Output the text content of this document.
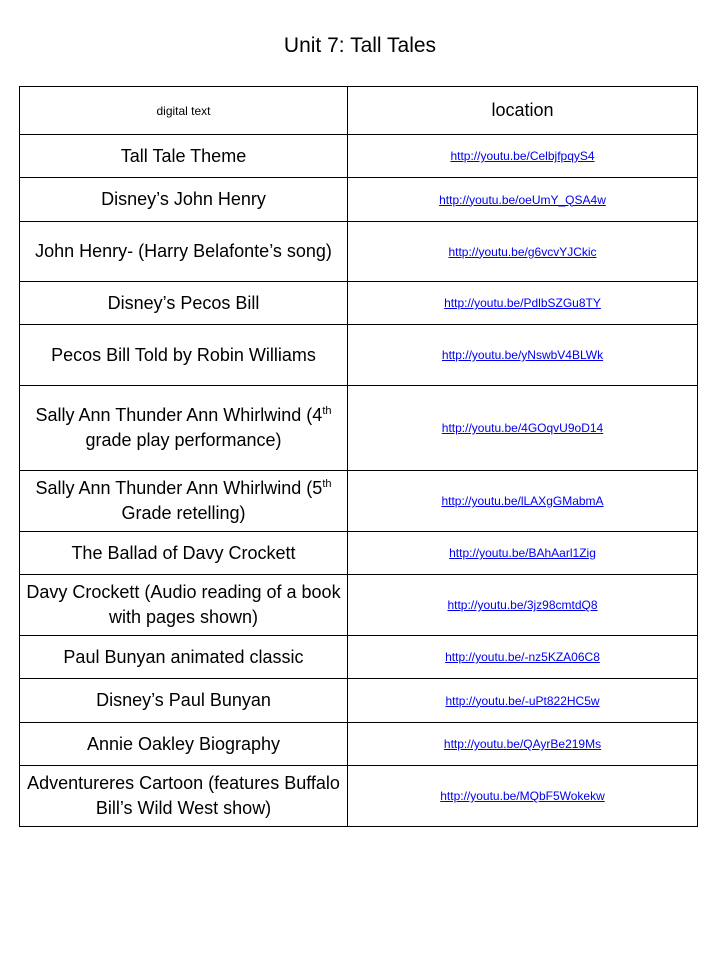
Unit 7: Tall Tales
digital text	location
Tall Tale Theme	http://youtu.be/CelbjfpqyS4
Disney’s John Henry	http://youtu.be/oeUmY_QSA4w
John Henry- (Harry Belafonte’s song)	http://youtu.be/g6vcvYJCkic
Disney’s Pecos Bill	http://youtu.be/PdlbSZGu8TY
Pecos Bill Told by Robin Williams	http://youtu.be/yNswbV4BLWk
Sally Ann Thunder Ann Whirlwind (4th grade play performance)	http://youtu.be/4GOqvU9oD14
Sally Ann Thunder Ann Whirlwind (5th Grade retelling)	http://youtu.be/lLAXgGMabmA
The Ballad of Davy Crockett	http://youtu.be/BAhAarl1Zig
Davy Crockett (Audio reading of a book with pages shown)	http://youtu.be/3jz98cmtdQ8
Paul Bunyan animated classic	http://youtu.be/-nz5KZA06C8
Disney’s Paul Bunyan	http://youtu.be/-uPt822HC5w
Annie Oakley Biography	http://youtu.be/QAyrBe219Ms
Adventureres Cartoon (features Buffalo Bill’s Wild West show)	http://youtu.be/MQbF5Wokekw
